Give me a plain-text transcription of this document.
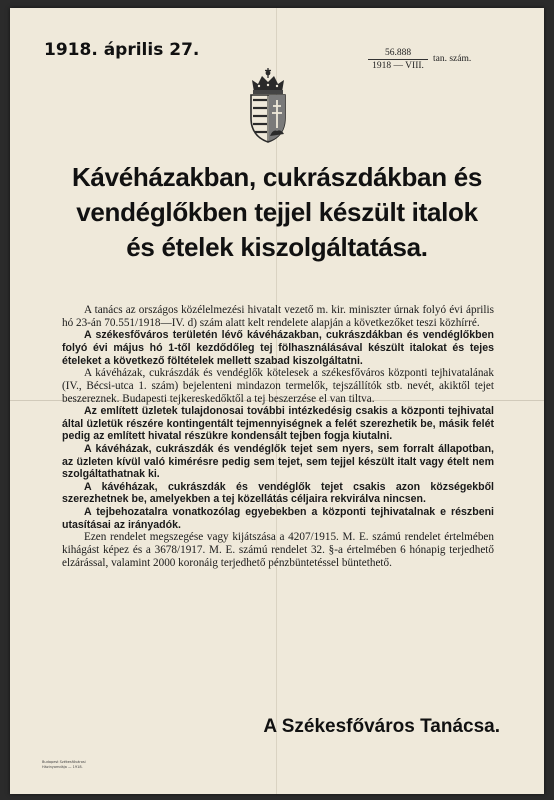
1918. április 27.	56.888
1918 — VIII.
tan. szám.
Kávéházakban, cukrászdákban és
vendéglőkben tejjel készült italok
és ételek kiszolgáltatása.

A tanács az országos közélelmezési hivatalt vezető m. kir. miniszter úrnak folyó évi április hó 23-án 70.551/1918—IV. d) szám alatt kelt rendelete alapján a következőket teszi közhírré.

A székesfőváros területén lévő kávéházakban, cukrászdákban és vendéglőkben folyó évi május hó 1-től kezdődőleg tej fölhasználásával készült italokat és tejes ételeket a következő föltételek mellett szabad kiszolgáltatni.

A kávéházak, cukrászdák és vendéglők kötelesek a székesfőváros központi tejhivatalának (IV., Bécsi-utca 1. szám) bejelenteni mindazon termelők, tejszállítók stb. nevét, akiktől tejet beszereznek. Budapesti tejkereskedőktől a tej beszerzése el van tiltva.

Az említett üzletek tulajdonosai további intézkedésig csakis a központi tejhivatal által üzletük részére kontingentált tejmennyiségnek a felét szerezhetik be, másik felét pedig az említett hivatal részükre kondensált tejben fogja kiutalni.

A kávéházak, cukrászdák és vendéglők tejet sem nyers, sem forralt állapotban, az üzleten kívül való kimérésre pedig sem tejet, sem tejjel készült italt vagy ételt nem szolgáltathatnak ki.

A kávéházak, cukrászdák és vendéglők tejet csakis azon községekből szerezhetnek be, amelyekben a tej közellátás céljaira rekvirálva nincsen.

A tejbehozatalra vonatkozólag egyebekben a központi tejhivatalnak e részbeni utasításai az irányadók.

Ezen rendelet megszegése vagy kijátszása a 4207/1915. M. E. számú rendelet értelmében kihágást képez és a 3678/1917. M. E. számú rendelet 32. §-a értelmében 6 hónapig terjedhető elzárással, valamint 2000 koronáig terjedhető pénzbüntetéssel büntethető.

A Székesfőváros Tanácsa.
Budapest Székesfővárosi
Házinyomdája — 1918.
